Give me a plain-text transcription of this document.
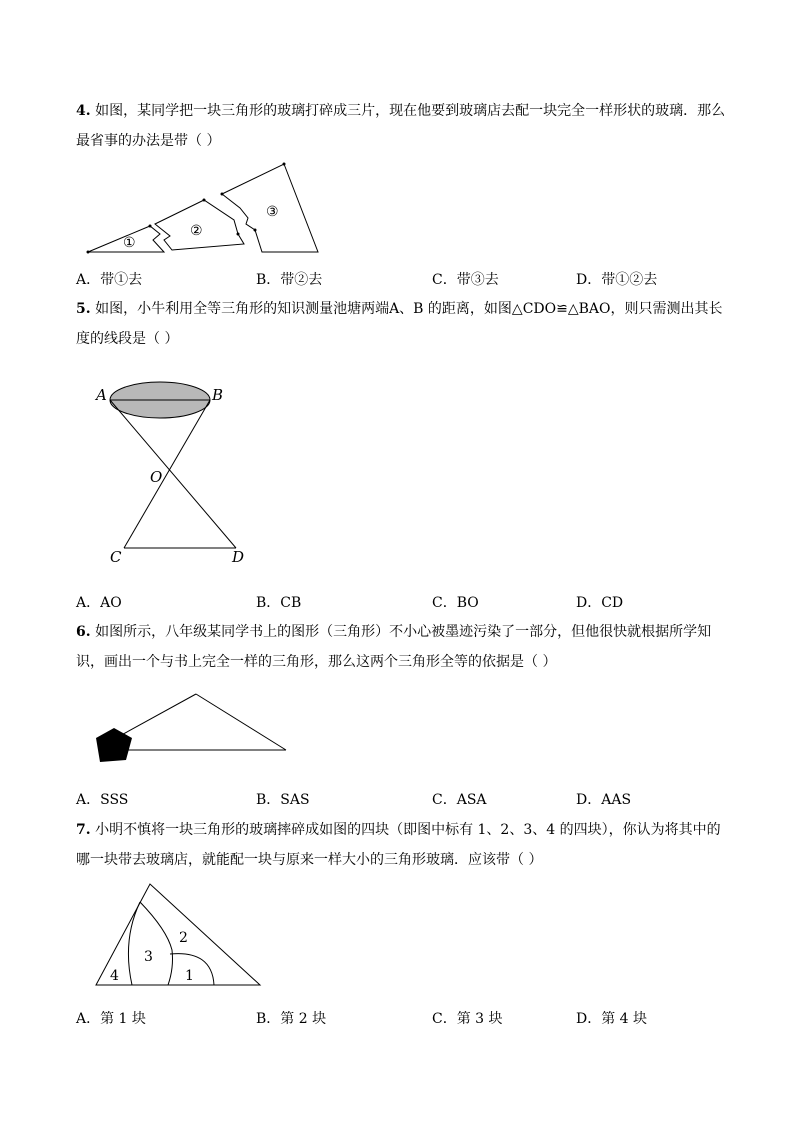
4. 如图，某同学把一块三角形的玻璃打碎成三片，现在他要到玻璃店去配一块完全一样形状的玻璃．那么最省事的办法是带（ ）
①
②
③
A．带①去	B．带②去	C．带③去	D．带①②去
5. 如图，小牛利用全等三角形的知识测量池塘两端A、B 的距离，如图△CDO≌△BAO，则只需测出其长度的线段是（ ）
A	B
O
C	D
A．AO	B．CB	C．BO	D．CD
6. 如图所示，八年级某同学书上的图形（三角形）不小心被墨迹污染了一部分，但他很快就根据所学知识，画出一个与书上完全一样的三角形，那么这两个三角形全等的依据是（ ）
A．SSS	B．SAS	C．ASA	D．AAS
7. 小明不慎将一块三角形的玻璃摔碎成如图的四块（即图中标有 1、2、3、4 的四块），你认为将其中的哪一块带去玻璃店，就能配一块与原来一样大小的三角形玻璃．应该带（ ）
4
3
2
1
A．第 1 块	B．第 2 块	C．第 3 块	D．第 4 块
